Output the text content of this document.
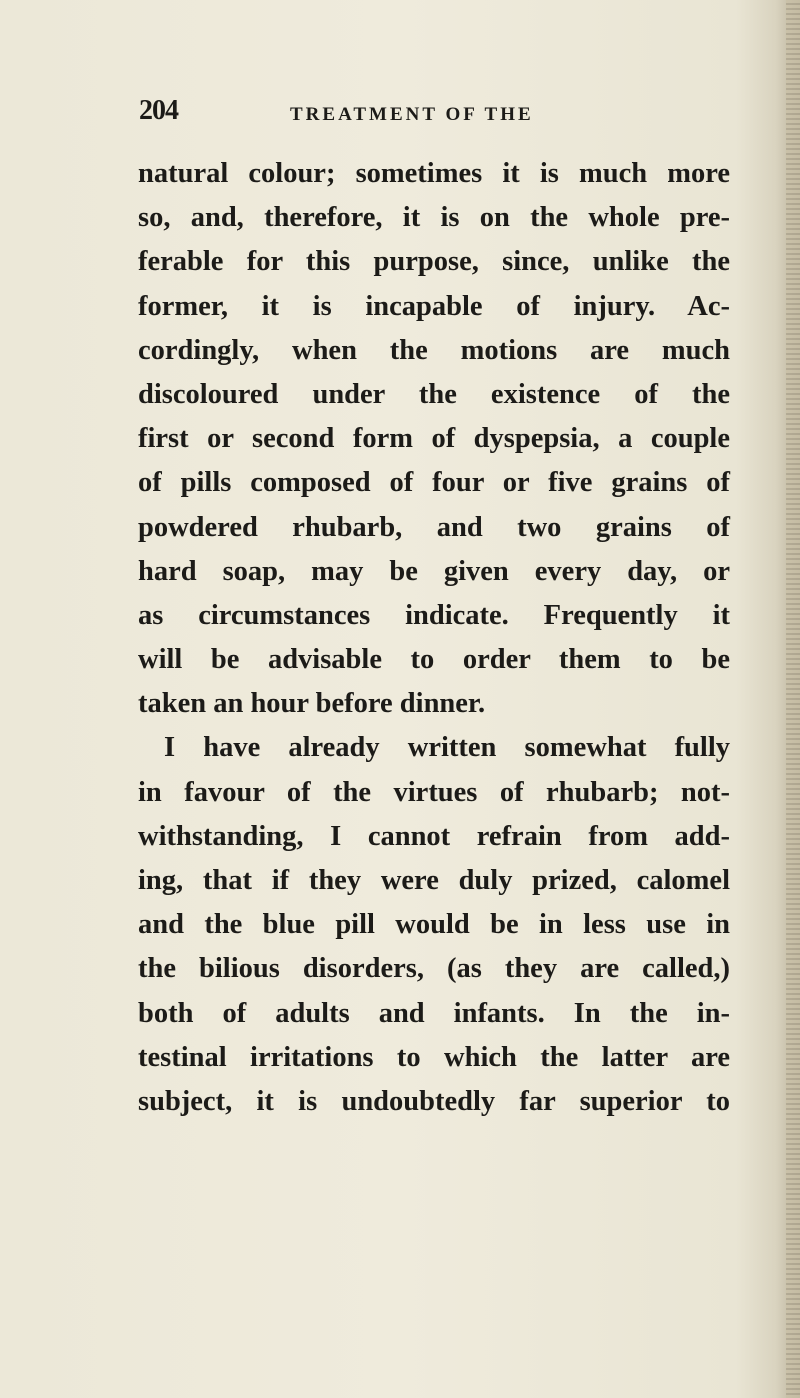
204	TREATMENT OF THE
natural colour; sometimes it is much more
so, and, therefore, it is on the whole pre-
ferable for this purpose, since, unlike the
former, it is incapable of injury. Ac-
cordingly, when the motions are much
discoloured under the existence of the
first or second form of dyspepsia, a couple
of pills composed of four or five grains of
powdered rhubarb, and two grains of
hard soap, may be given every day, or
as circumstances indicate. Frequently it
will be advisable to order them to be
taken an hour before dinner.
I have already written somewhat fully
in favour of the virtues of rhubarb; not-
withstanding, I cannot refrain from add-
ing, that if they were duly prized, calomel
and the blue pill would be in less use in
the bilious disorders, (as they are called,)
both of adults and infants. In the in-
testinal irritations to which the latter are
subject, it is undoubtedly far superior to
